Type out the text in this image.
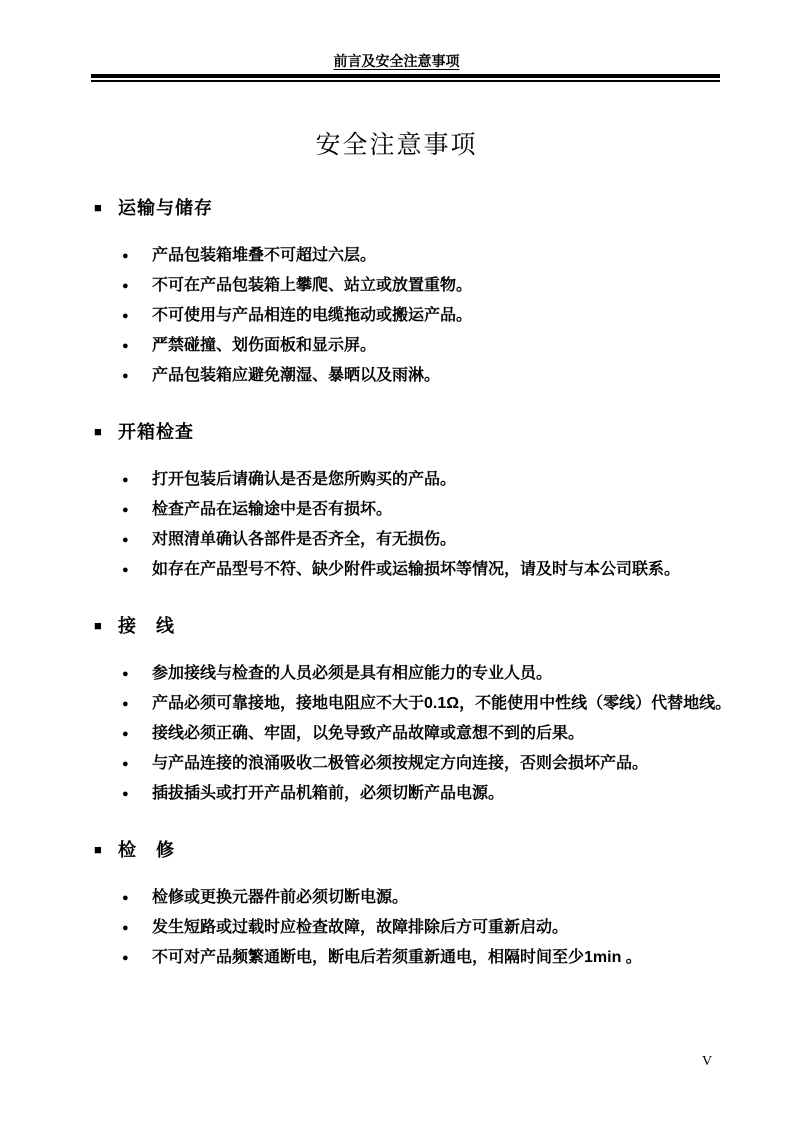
前言及安全注意事项
安全注意事项
■ 运输与储存
●	产品包装箱堆叠不可超过六层。
●	不可在产品包装箱上攀爬、站立或放置重物。
●	不可使用与产品相连的电缆拖动或搬运产品。
●	严禁碰撞、划伤面板和显示屏。
●	产品包装箱应避免潮湿、暴晒以及雨淋。
■ 开箱检查
●	打开包装后请确认是否是您所购买的产品。
●	检查产品在运输途中是否有损坏。
●	对照清单确认各部件是否齐全，有无损伤。
●	如存在产品型号不符、缺少附件或运输损坏等情况，请及时与本公司联系。
■ 接　线
●	参加接线与检查的人员必须是具有相应能力的专业人员。
●	产品必须可靠接地，接地电阻应不大于0.1Ω，不能使用中性线（零线）代替地线。
●	接线必须正确、牢固，以免导致产品故障或意想不到的后果。
●	与产品连接的浪涌吸收二极管必须按规定方向连接，否则会损坏产品。
●	插拔插头或打开产品机箱前，必须切断产品电源。
■ 检　修
●	检修或更换元器件前必须切断电源。
●	发生短路或过载时应检查故障，故障排除后方可重新启动。
●	不可对产品频繁通断电，断电后若须重新通电，相隔时间至少1min 。
V
